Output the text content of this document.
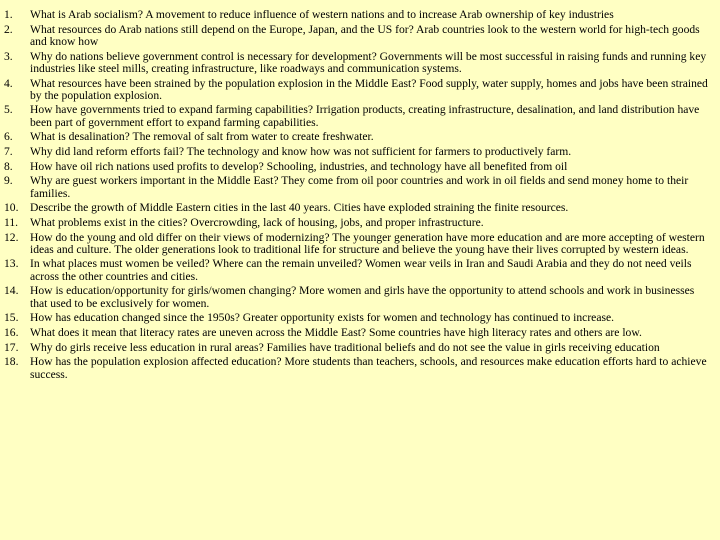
1.	What is Arab socialism? A movement to reduce influence of western nations and to increase Arab ownership of key industries
2.	What resources do Arab nations still depend on the Europe, Japan, and the US for? Arab countries look to the western world for high-tech goods and know how
3.	Why do nations believe government control is necessary for development? Governments will be most successful in raising funds and running key industries like steel mills, creating infrastructure, like roadways and communication systems.
4.	What resources have been strained by the population explosion in the Middle East? Food supply, water supply, homes and jobs have been strained by the population explosion.
5.	How have governments tried to expand farming capabilities? Irrigation products, creating infrastructure, desalination, and land distribution have been part of government effort to expand farming capabilities.
6.	What is desalination? The removal of salt from water to create freshwater.
7.	Why did land reform efforts fail? The technology and know how was not sufficient for farmers to productively farm.
8.	How have oil rich nations used profits to develop? Schooling, industries, and technology have all benefited from oil
9.	Why are guest workers important in the Middle East? They come from oil poor countries and work in oil fields and send money home to their families.
10. Describe the growth of Middle Eastern cities in the last 40 years. Cities have exploded straining the finite resources.
11.	What problems exist in the cities? Overcrowding, lack of housing, jobs, and proper infrastructure.
12. How do the young and old differ on their views of modernizing? The younger generation have more education and are more accepting of western ideas and culture. The older generations look to traditional life for structure and believe the young have their lives corrupted by western ideas.
13. In what places must women be veiled? Where can the remain unveiled? Women wear veils in Iran and Saudi Arabia and they do not need veils across the other countries and cities.
14. How is education/opportunity for girls/women changing? More women and girls have the opportunity to attend schools and work in businesses that used to be exclusively for women.
15. How has education changed since the 1950s? Greater opportunity exists for women and technology has continued to increase.
16. What does it mean that literacy rates are uneven across the Middle East? Some countries have high literacy rates and others are low.
17. Why do girls receive less education in rural areas? Families have traditional beliefs and do not see the value in girls receiving education
18. How has the population explosion affected education? More students than teachers, schools, and resources make education efforts hard to achieve success.
